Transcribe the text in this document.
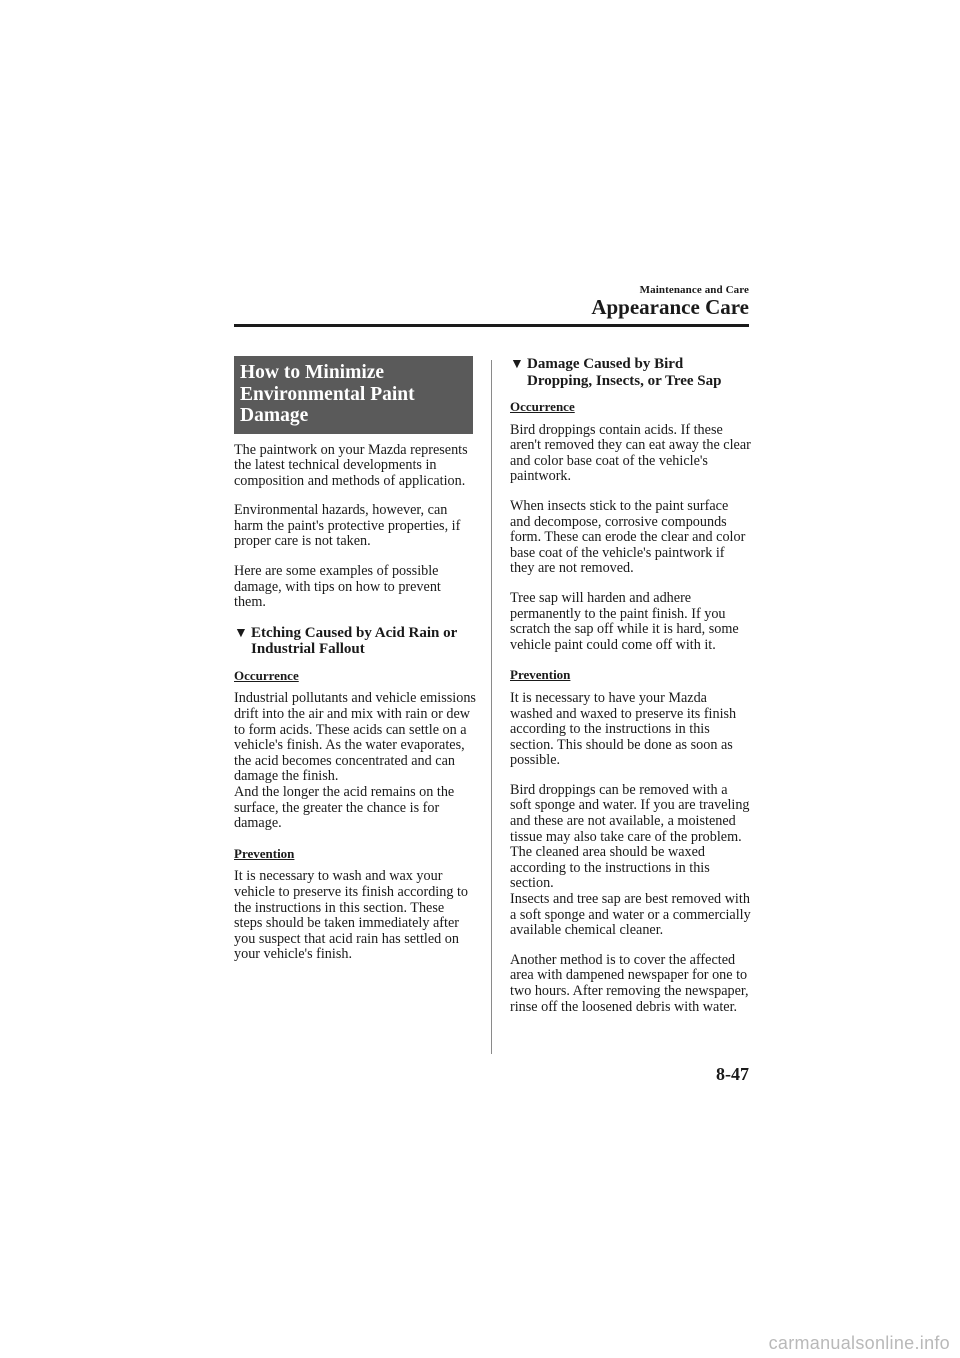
Maintenance and Care
Appearance Care
How to Minimize
Environmental Paint
Damage
The paintwork on your Mazda represents
the latest technical developments in
composition and methods of application.
Environmental hazards, however, can
harm the paint's protective properties, if
proper care is not taken.
Here are some examples of possible
damage, with tips on how to prevent
them.
▼ Etching Caused by Acid Rain or
Industrial Fallout
Occurrence
Industrial pollutants and vehicle emissions
drift into the air and mix with rain or dew
to form acids. These acids can settle on a
vehicle's finish. As the water evaporates,
the acid becomes concentrated and can
damage the finish.
And the longer the acid remains on the
surface, the greater the chance is for
damage.
Prevention
It is necessary to wash and wax your
vehicle to preserve its finish according to
the instructions in this section. These
steps should be taken immediately after
you suspect that acid rain has settled on
your vehicle's finish.
▼ Damage Caused by Bird
Dropping, Insects, or Tree Sap
Occurrence
Bird droppings contain acids. If these
aren't removed they can eat away the clear
and color base coat of the vehicle's
paintwork.
When insects stick to the paint surface
and decompose, corrosive compounds
form. These can erode the clear and color
base coat of the vehicle's paintwork if
they are not removed.
Tree sap will harden and adhere
permanently to the paint finish. If you
scratch the sap off while it is hard, some
vehicle paint could come off with it.
Prevention
It is necessary to have your Mazda
washed and waxed to preserve its finish
according to the instructions in this
section. This should be done as soon as
possible.
Bird droppings can be removed with a
soft sponge and water. If you are traveling
and these are not available, a moistened
tissue may also take care of the problem.
The cleaned area should be waxed
according to the instructions in this
section.
Insects and tree sap are best removed with
a soft sponge and water or a commercially
available chemical cleaner.
Another method is to cover the affected
area with dampened newspaper for one to
two hours. After removing the newspaper,
rinse off the loosened debris with water.
8-47
carmanualsonline.info
